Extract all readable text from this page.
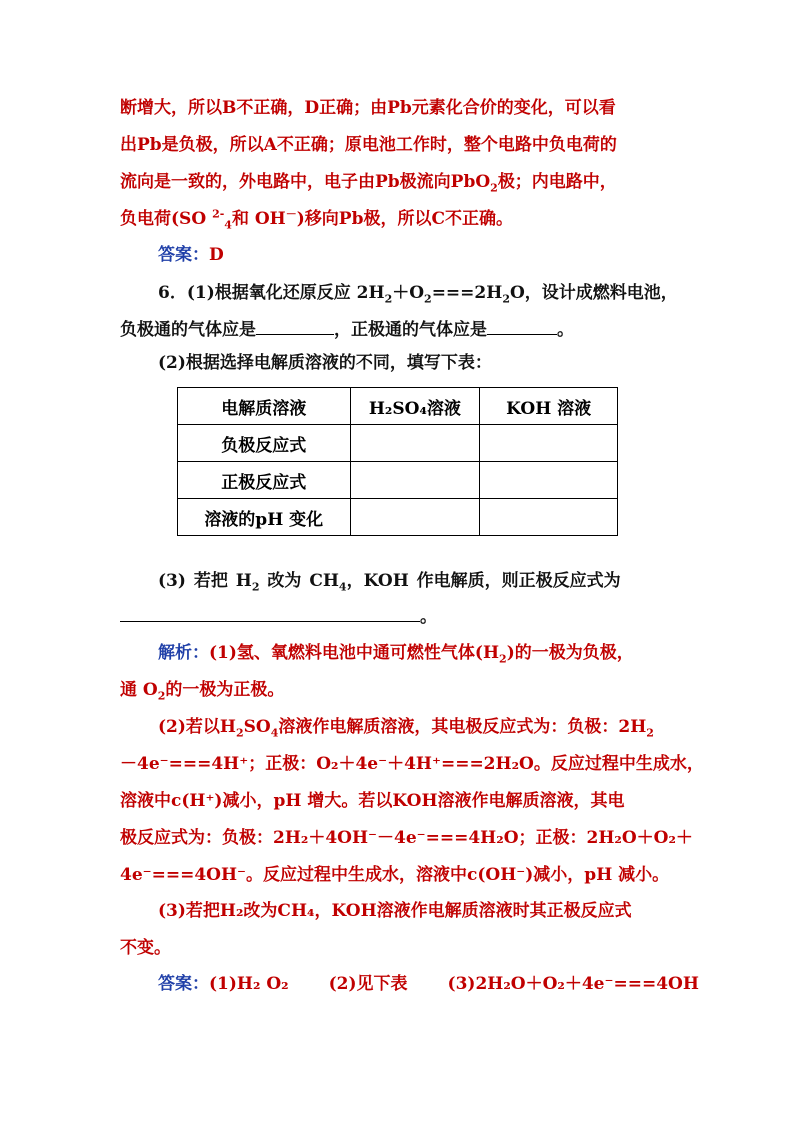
断增大，所以B不正确，D正确；由Pb元素化合价的变化，可以看
出Pb是负极，所以A不正确；原电池工作时，整个电路中负电荷的
流向是一致的，外电路中，电子由Pb极流向PbO$_2$极；内电路中，
负电荷(SO $^{2-}_4$和 OH－)移向Pb极，所以C不正确。
答案：D
6．(1)根据氧化还原反应 $2H_2+O_2===2H_2O$，设计成燃料电池，
负极通的气体应是	，正极通的气体应是	。
(2)根据选择电解质溶液的不同，填写下表：
电解质溶液	H₂SO₄溶液	KOH 溶液
负极反应式		
正极反应式		
溶液的pH 变化		
(3) 若把 $H_2$ 改为 $CH_4$，KOH 作电解质，则正极反应式为
。
解析：(1)氢、氧燃料电池中通可燃性气体$(H_2)$的一极为负极，
通 $O_2$的一极为正极。
(2)若以$H_2SO_4$溶液作电解质溶液，其电极反应式为：负极：$2H_2$
－4e⁻===4H⁺；正极：O₂＋4e⁻＋4H⁺===2H₂O。反应过程中生成水，
溶液中c(H⁺)减小，pH 增大。若以KOH溶液作电解质溶液，其电
极反应式为：负极：2H₂＋4OH⁻－4e⁻===4H₂O；正极：2H₂O＋O₂＋
4e⁻===4OH⁻。反应过程中生成水，溶液中c(OH⁻)减小，pH 减小。
(3)若把H₂改为CH₄，KOH溶液作电解质溶液时其正极反应式
不变。
答案：(1)H₂ O₂ (2)见下表 (3)2H₂O＋O₂＋4e⁻===4OH
